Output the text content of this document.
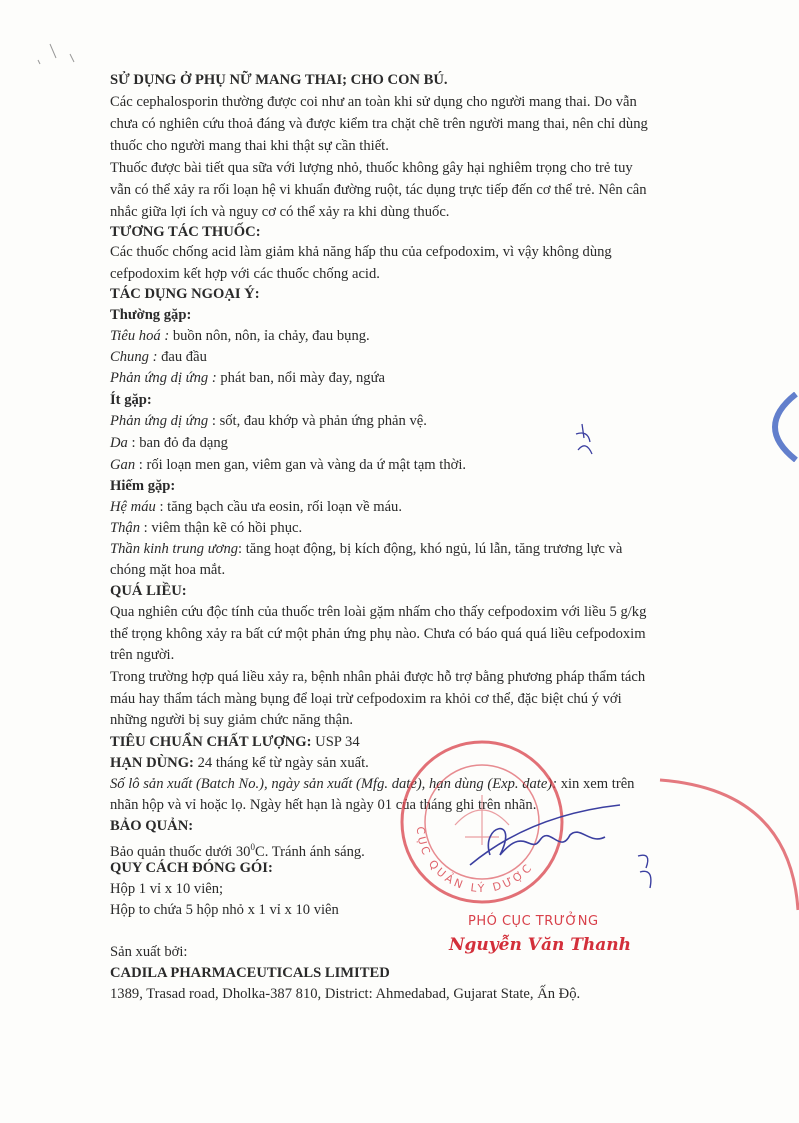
SỬ DỤNG Ở PHỤ NỮ MANG THAI; CHO CON BÚ.
Các cephalosporin thường được coi như an toàn khi sử dụng cho người mang thai. Do vẫn
chưa có nghiên cứu thoả đáng và được kiểm tra chặt chẽ trên người mang thai, nên chỉ dùng
thuốc cho người mang thai khi thật sự cần thiết.
Thuốc được bài tiết qua sữa với lượng nhỏ, thuốc không gây hại nghiêm trọng cho trẻ tuy
vẫn có thể xảy ra rối loạn hệ vi khuẩn đường ruột, tác dụng trực tiếp đến cơ thể trẻ. Nên cân
nhắc giữa lợi ích và nguy cơ có thể xảy ra khi dùng thuốc.
TƯƠNG TÁC THUỐC:
Các thuốc chống acid làm giảm khả năng hấp thu của cefpodoxim, vì vậy không dùng
cefpodoxim kết hợp với các thuốc chống acid.
TÁC DỤNG NGOẠI Ý:
Thường gặp:
Tiêu hoá : buồn nôn, nôn, ỉa chảy, đau bụng.
Chung : đau đầu
Phản ứng dị ứng : phát ban, nổi mày đay, ngứa
Ít gặp:
Phản ứng dị ứng : sốt, đau khớp và phản ứng phản vệ.
Da : ban đỏ đa dạng
Gan : rối loạn men gan, viêm gan và vàng da ứ mật tạm thời.
Hiếm gặp:
Hệ máu : tăng bạch cầu ưa eosin, rối loạn về máu.
Thận : viêm thận kẽ có hồi phục.
Thần kinh trung ương: tăng hoạt động, bị kích động, khó ngủ, lú lẫn, tăng trương lực và
chóng mặt hoa mắt.
QUÁ LIỀU:
Qua nghiên cứu độc tính của thuốc trên loài gặm nhấm cho thấy cefpodoxim với liều 5 g/kg
thể trọng không xảy ra bất cứ một phản ứng phụ nào. Chưa có báo quá quá liều cefpodoxim
trên người.
Trong trường hợp quá liều xảy ra, bệnh nhân phải được hỗ trợ bằng phương pháp thẩm tách
máu hay thẩm tách màng bụng để loại trừ cefpodoxim ra khỏi cơ thể, đặc biệt chú ý với
những người bị suy giảm chức năng thận.
TIÊU CHUẨN CHẤT LƯỢNG: USP 34
HẠN DÙNG: 24 tháng kể từ ngày sản xuất.
Số lô sản xuất (Batch No.), ngày sản xuất (Mfg. date), hạn dùng (Exp. date): xin xem trên
nhãn hộp và vỉ hoặc lọ. Ngày hết hạn là ngày 01 của tháng ghi trên nhãn.
BẢO QUẢN:
Bảo quản thuốc dưới $30^0C$. Tránh ánh sáng.
QUY CÁCH ĐÓNG GÓI:
Hộp 1 vỉ x 10 viên;
Hộp to chứa 5 hộp nhỏ x 1 vỉ x 10 viên
Sản xuất bởi:
CADILA PHARMACEUTICALS LIMITED
1389, Trasad road, Dholka-387 810, District: Ahmedabad, Gujarat State, Ấn Độ.
CỤC QUẢN LÝ DƯỢC
PHÓ CỤC TRƯỞNG
Nguyễn Văn Thanh
